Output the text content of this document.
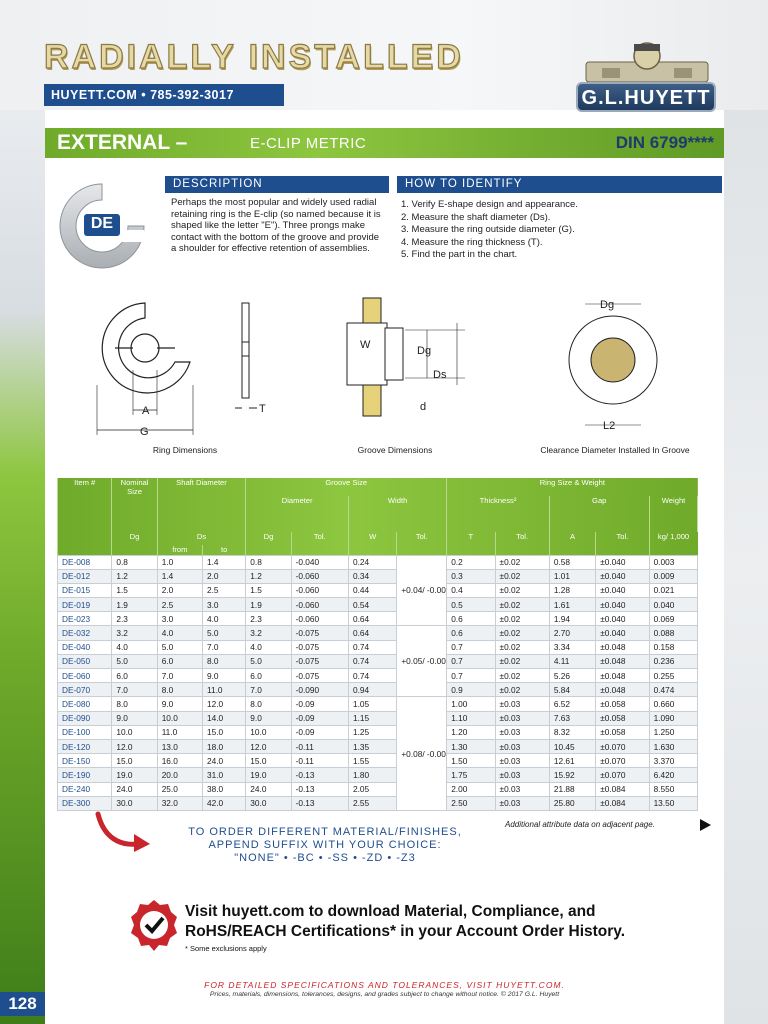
RADIALLY INSTALLED
HUYETT.COM • 785-392-3017	G.L.HUYETT
EXTERNAL –	E-CLIP METRIC	DIN 6799****
DE
DESCRIPTION
Perhaps the most popular and widely used radial retaining ring is the E-clip (so named because it is shaped like the letter "E"). Three prongs make contact with the bottom of the groove and provide a shoulder for effective retention of assemblies.
HOW TO IDENTIFY
1. Verify E-shape design and appearance.
2. Measure the shaft diameter (Ds).
3. Measure the ring outside diameter (G).
4. Measure the ring thickness (T).
5. Find the part in the chart.
A
G
T
W	Dg
Ds
d
Dg
L2
Ring Dimensions	Groove Dimensions	Clearance Diameter Installed In Groove
Item #	Nominal Size	Shaft Diameter		Groove Size				Ring Size & Weight				
				Diameter		Width		Thickness²		Gap		Weight
	Dg	Ds		Dg	Tol.	W	Tol.	T	Tol.	A	Tol.	kg/ 1,000
		from	to									
DE-008	0.8	1.0	1.4	0.8	-0.040	0.24	+0.04/ -0.00	0.2	±0.02	0.58	±0.040	0.003
DE-012	1.2	1.4	2.0	1.2	-0.060	0.34		0.3	±0.02	1.01	±0.040	0.009
DE-015	1.5	2.0	2.5	1.5	-0.060	0.44		0.4	±0.02	1.28	±0.040	0.021
DE-019	1.9	2.5	3.0	1.9	-0.060	0.54		0.5	±0.02	1.61	±0.040	0.040
DE-023	2.3	3.0	4.0	2.3	-0.060	0.64		0.6	±0.02	1.94	±0.040	0.069
DE-032	3.2	4.0	5.0	3.2	-0.075	0.64	+0.05/ -0.00	0.6	±0.02	2.70	±0.040	0.088
DE-040	4.0	5.0	7.0	4.0	-0.075	0.74		0.7	±0.02	3.34	±0.048	0.158
DE-050	5.0	6.0	8.0	5.0	-0.075	0.74		0.7	±0.02	4.11	±0.048	0.236
DE-060	6.0	7.0	9.0	6.0	-0.075	0.74		0.7	±0.02	5.26	±0.048	0.255
DE-070	7.0	8.0	11.0	7.0	-0.090	0.94		0.9	±0.02	5.84	±0.048	0.474
DE-080	8.0	9.0	12.0	8.0	-0.09	1.05	+0.08/ -0.00	1.00	±0.03	6.52	±0.058	0.660
DE-090	9.0	10.0	14.0	9.0	-0.09	1.15		1.10	±0.03	7.63	±0.058	1.090
DE-100	10.0	11.0	15.0	10.0	-0.09	1.25		1.20	±0.03	8.32	±0.058	1.250
DE-120	12.0	13.0	18.0	12.0	-0.11	1.35		1.30	±0.03	10.45	±0.070	1.630
DE-150	15.0	16.0	24.0	15.0	-0.11	1.55		1.50	±0.03	12.61	±0.070	3.370
DE-190	19.0	20.0	31.0	19.0	-0.13	1.80		1.75	±0.03	15.92	±0.070	6.420
DE-240	24.0	25.0	38.0	24.0	-0.13	2.05		2.00	±0.03	21.88	±0.084	8.550
DE-300	30.0	32.0	42.0	30.0	-0.13	2.55		2.50	±0.03	25.80	±0.084	13.50
TO ORDER DIFFERENT MATERIAL/FINISHES,
APPEND SUFFIX WITH YOUR CHOICE:
"NONE" • -BC • -SS • -ZD • -Z3
Additional attribute data on adjacent page.
Visit huyett.com to download Material, Compliance, and
RoHS/REACH Certifications* in your Account Order History.
* Some exclusions apply
FOR DETAILED SPECIFICATIONS AND TOLERANCES, VISIT HUYETT.COM.
Prices, materials, dimensions, tolerances, designs, and grades subject to change without notice. © 2017 G.L. Huyett
128
